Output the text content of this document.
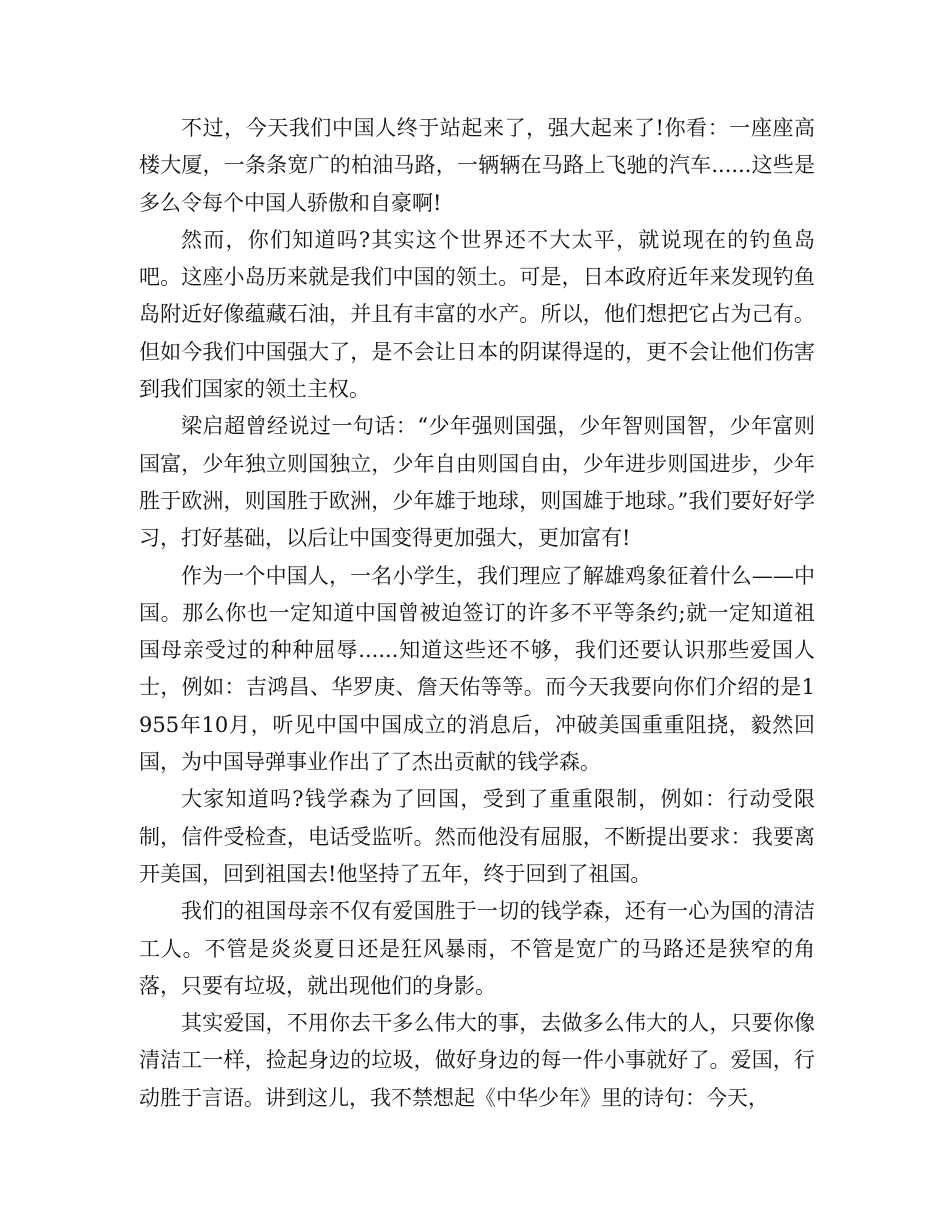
不过，今天我们中国人终于站起来了，强大起来了!你看：一座座高楼大厦，一条条宽广的柏油马路，一辆辆在马路上飞驰的汽车......这些是多么令每个中国人骄傲和自豪啊!

然而，你们知道吗?其实这个世界还不大太平，就说现在的钓鱼岛吧。这座小岛历来就是我们中国的领土。可是，日本政府近年来发现钓鱼岛附近好像蕴藏石油，并且有丰富的水产。所以，他们想把它占为己有。但如今我们中国强大了，是不会让日本的阴谋得逞的，更不会让他们伤害到我们国家的领土主权。

梁启超曾经说过一句话：“少年强则国强，少年智则国智，少年富则国富，少年独立则国独立，少年自由则国自由，少年进步则国进步，少年胜于欧洲，则国胜于欧洲，少年雄于地球，则国雄于地球。”我们要好好学习，打好基础，以后让中国变得更加强大，更加富有!

作为一个中国人，一名小学生，我们理应了解雄鸡象征着什么——中国。那么你也一定知道中国曾被迫签订的许多不平等条约;就一定知道祖国母亲受过的种种屈辱......知道这些还不够，我们还要认识那些爱国人士，例如：吉鸿昌、华罗庚、詹天佑等等。而今天我要向你们介绍的是1955年10月，听见中国中国成立的消息后，冲破美国重重阻挠，毅然回国，为中国导弹事业作出了了杰出贡献的钱学森。

大家知道吗?钱学森为了回国，受到了重重限制，例如：行动受限制，信件受检查，电话受监听。然而他没有屈服，不断提出要求：我要离开美国，回到祖国去!他坚持了五年，终于回到了祖国。

我们的祖国母亲不仅有爱国胜于一切的钱学森，还有一心为国的清洁工人。不管是炎炎夏日还是狂风暴雨，不管是宽广的马路还是狭窄的角落，只要有垃圾，就出现他们的身影。

其实爱国，不用你去干多么伟大的事，去做多么伟大的人，只要你像清洁工一样，捡起身边的垃圾，做好身边的每一件小事就好了。爱国，行动胜于言语。讲到这儿，我不禁想起《中华少年》里的诗句：今天，
